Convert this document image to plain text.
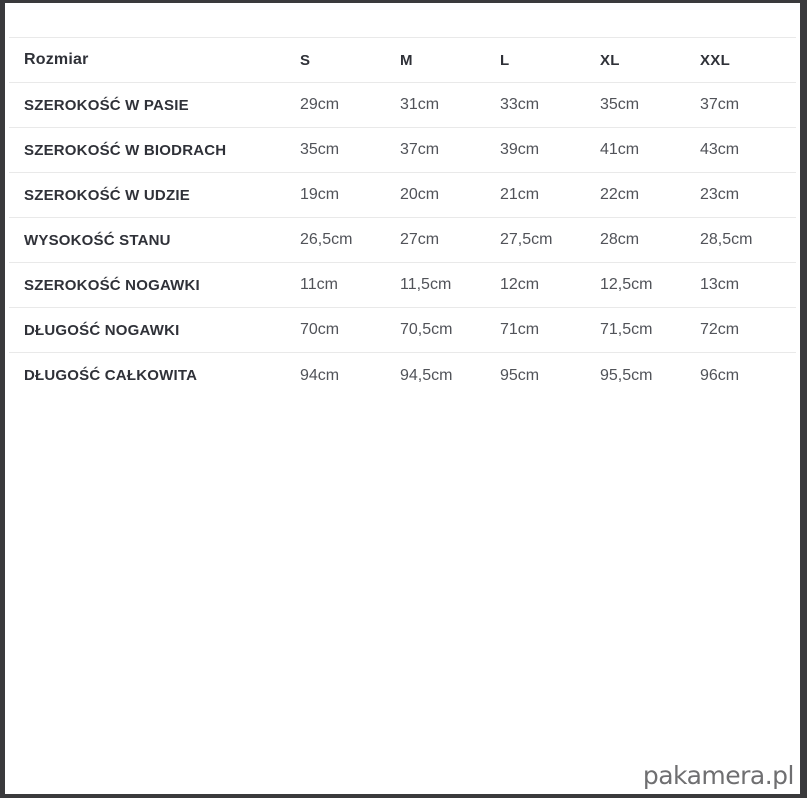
Rozmiar	S	M	L	XL	XXL
SZEROKOŚĆ W PASIE	29cm	31cm	33cm	35cm	37cm
SZEROKOŚĆ W BIODRACH	35cm	37cm	39cm	41cm	43cm
SZEROKOŚĆ W UDZIE	19cm	20cm	21cm	22cm	23cm
WYSOKOŚĆ STANU	26,5cm	27cm	27,5cm	28cm	28,5cm
SZEROKOŚĆ NOGAWKI	11cm	11,5cm	12cm	12,5cm	13cm
DŁUGOŚĆ NOGAWKI	70cm	70,5cm	71cm	71,5cm	72cm
DŁUGOŚĆ CAŁKOWITA	94cm	94,5cm	95cm	95,5cm	96cm
pakamera.pl
